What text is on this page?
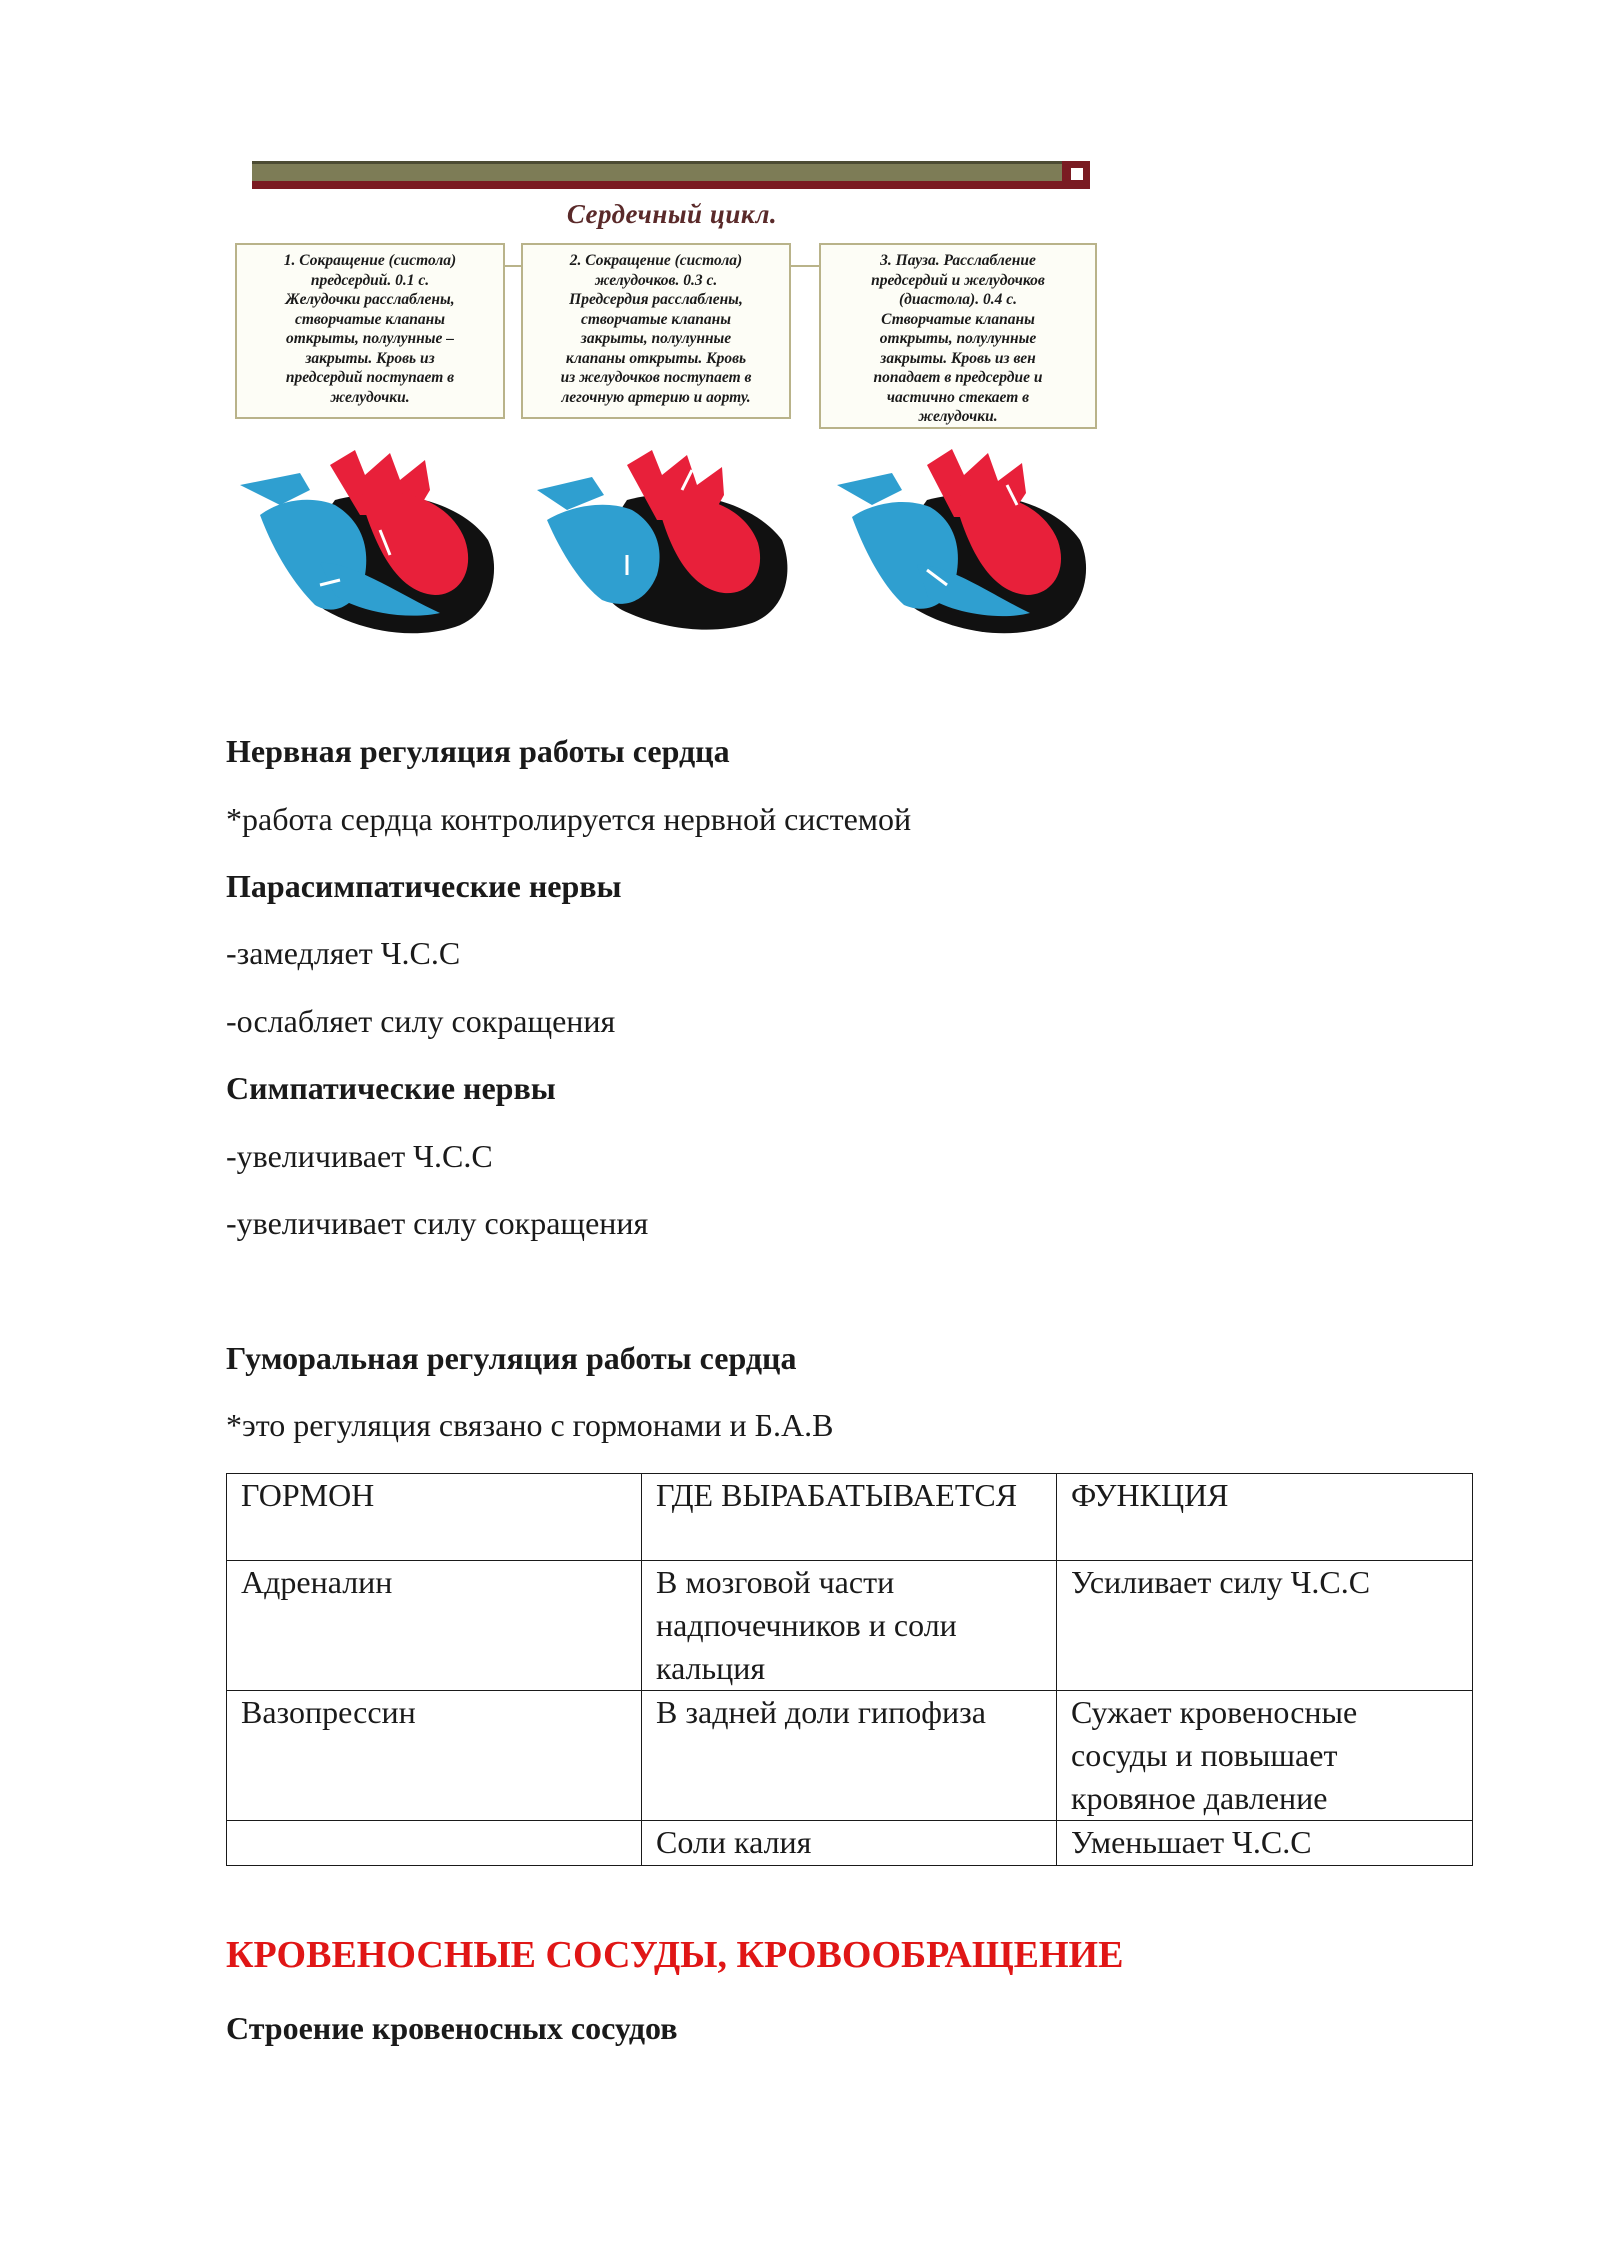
Сердечный цикл.
1. Сокращение (систола)
предсердий. 0.1 с.
Желудочки расслаблены,
створчатые клапаны
открыты, полулунные –
закрыты. Кровь из
предсердий поступает в
желудочки.
2. Сокращение (систола)
желудочков. 0.3 с.
Предсердия расслаблены,
створчатые клапаны
закрыты, полулунные
клапаны открыты. Кровь
из желудочков поступает в
легочную артерию и аорту.
3. Пауза. Расслабление
предсердий и желудочков
(диастола). 0.4 с.
Створчатые клапаны
открыты, полулунные
закрыты. Кровь из вен
попадает в предсердие и
частично стекает в
желудочки.

Нервная регуляция работы сердца

*работа сердца контролируется нервной системой

Парасимпатические нервы

-замедляет Ч.С.С

-ослабляет силу сокращения

Симпатические нервы

-увеличивает Ч.С.С

-увеличивает силу сокращения

Гуморальная регуляция работы сердца

*это регуляция связано с гормонами и Б.А.В

ГОРМОН	ГДЕ ВЫРАБАТЫВАЕТСЯ	ФУНКЦИЯ
Адреналин	В мозговой части надпочечников и соли кальция	Усиливает силу Ч.С.С
Вазопрессин	В задней доли гипофиза	Сужает кровеносные сосуды и повышает кровяное давление
	Соли калия	Уменьшает Ч.С.С

КРОВЕНОСНЫЕ СОСУДЫ, КРОВООБРАЩЕНИЕ

Строение кровеносных сосудов
